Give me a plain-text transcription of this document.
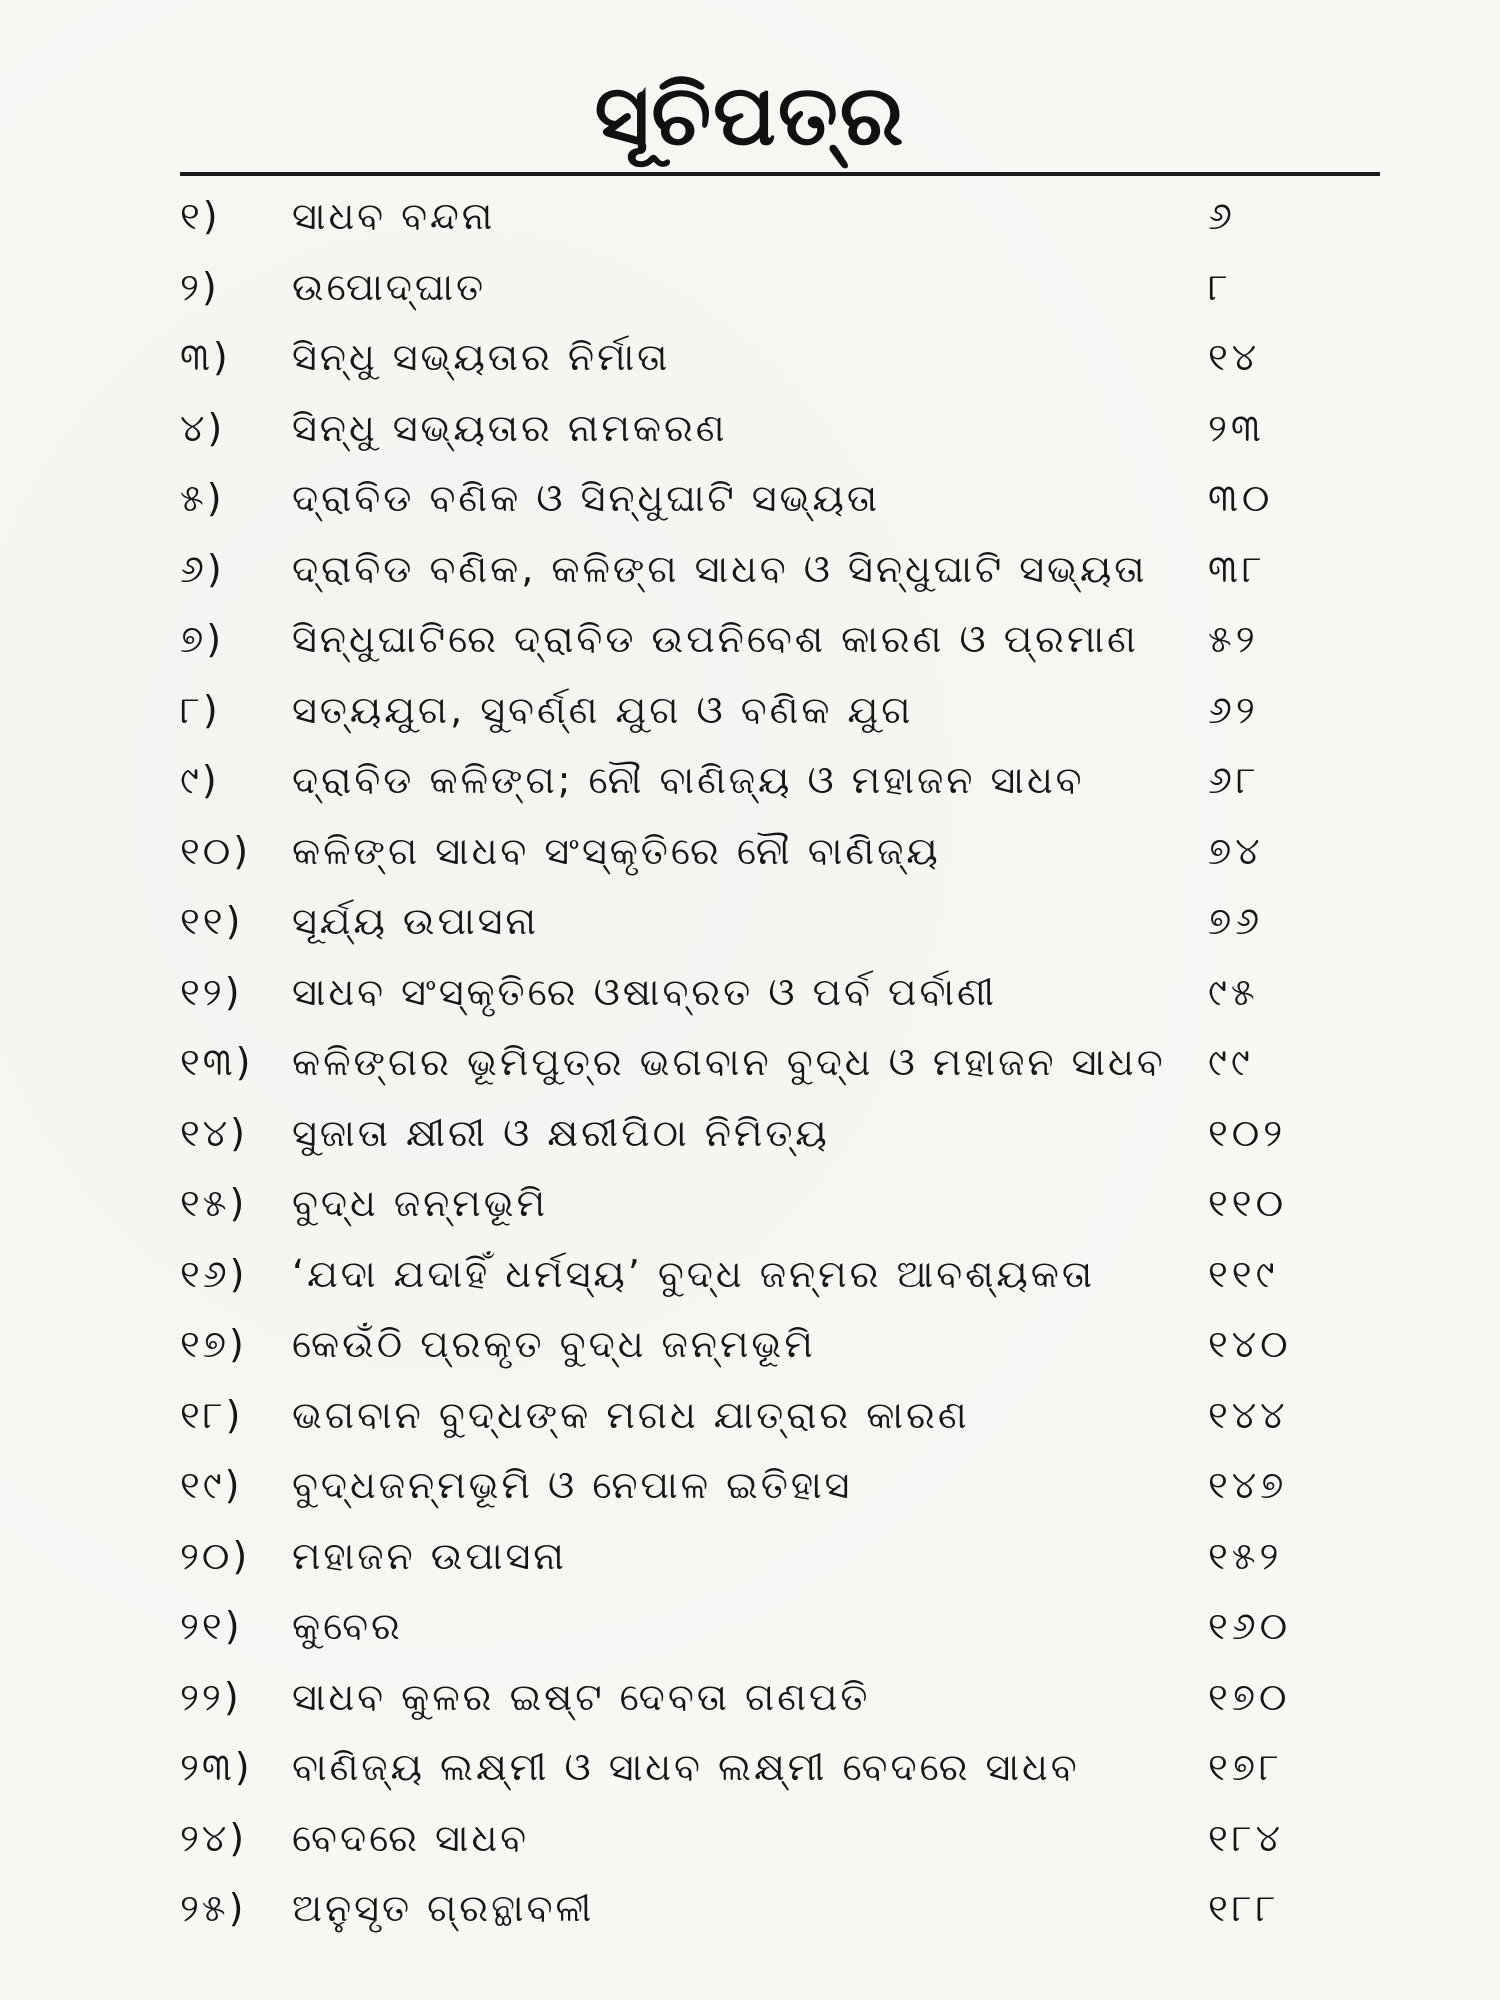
ସୂଚିପତ୍ର
୧)	ସାଧବ ବନ୍ଦନା	୬
୨)	ଉପୋଦ୍‌ଘାତ	୮
୩)	ସିନ୍ଧୁ ସଭ୍ୟତାର ନିର୍ମାତା	୧୪
୪)	ସିନ୍ଧୁ ସଭ୍ୟତାର ନାମକରଣ	୨୩
୫)	ଦ୍ରାବିଡ ବଣିକ ଓ ସିନ୍ଧୁଘାଟି ସଭ୍ୟତା	୩୦
୬)	ଦ୍ରାବିଡ ବଣିକ, କଳିଙ୍ଗ ସାଧବ ଓ ସିନ୍ଧୁଘାଟି ସଭ୍ୟତା	୩୮
୭)	ସିନ୍ଧୁଘାଟିରେ ଦ୍ରାବିଡ ଉପନିବେଶ କାରଣ ଓ ପ୍ରମାଣ	୫୨
୮)	ସତ୍ୟଯୁଗ, ସୁବର୍ଣ୍ଣ ଯୁଗ ଓ ବଣିକ ଯୁଗ	୬୨
୯)	ଦ୍ରାବିଡ କଳିଙ୍ଗ; ନୌ ବାଣିଜ୍ୟ ଓ ମହାଜନ ସାଧବ	୬୮
୧୦)	କଳିଙ୍ଗ ସାଧବ ସଂସ୍କୃତିରେ ନୌ ବାଣିଜ୍ୟ	୭୪
୧୧)	ସୂର୍ଯ୍ୟ ଉପାସନା	୭୬
୧୨)	ସାଧବ ସଂସ୍କୃତିରେ ଓଷାବ୍ରତ ଓ ପର୍ବ ପର୍ବାଣୀ	୯୫
୧୩)	କଳିଙ୍ଗର ଭୂମିପୁତ୍ର ଭଗବାନ ବୁଦ୍ଧ ଓ ମହାଜନ ସାଧବ	୯୯
୧୪)	ସୁଜାତା କ୍ଷୀରୀ ଓ କ୍ଷରୀପିଠା ନିମିତ୍ୟ	୧୦୨
୧୫)	ବୁଦ୍ଧ ଜନ୍ମଭୂମି	୧୧୦
୧୬)	‘ଯଦା ଯଦାହିଁ ଧର୍ମସ୍ୟ’ ବୁଦ୍ଧ ଜନ୍ମର ଆବଶ୍ୟକତା	୧୧୯
୧୭)	କେଉଁଠି ପ୍ରକୃତ ବୁଦ୍ଧ ଜନ୍ମଭୂମି	୧୪୦
୧୮)	ଭଗବାନ ବୁଦ୍ଧଙ୍କ ମଗଧ ଯାତ୍ରାର କାରଣ	୧୪୪
୧୯)	ବୁଦ୍ଧଜନ୍ମଭୂମି ଓ ନେପାଳ ଇତିହାସ	୧୪୭
୨୦)	ମହାଜନ ଉପାସନା	୧୫୨
୨୧)	କୁବେର	୧୬୦
୨୨)	ସାଧବ କୁଳର ଇଷ୍ଟ ଦେବତା ଗଣପତି	୧୭୦
୨୩)	ବାଣିଜ୍ୟ ଲକ୍ଷ୍ମୀ ଓ ସାଧବ ଲକ୍ଷ୍ମୀ ବେଦରେ ସାଧବ	୧୭୮
୨୪)	ବେଦରେ ସାଧବ	୧୮୪
୨୫)	ଅନୁସୃତ ଗ୍ରନ୍ଥାବଳୀ	୧୮୮
